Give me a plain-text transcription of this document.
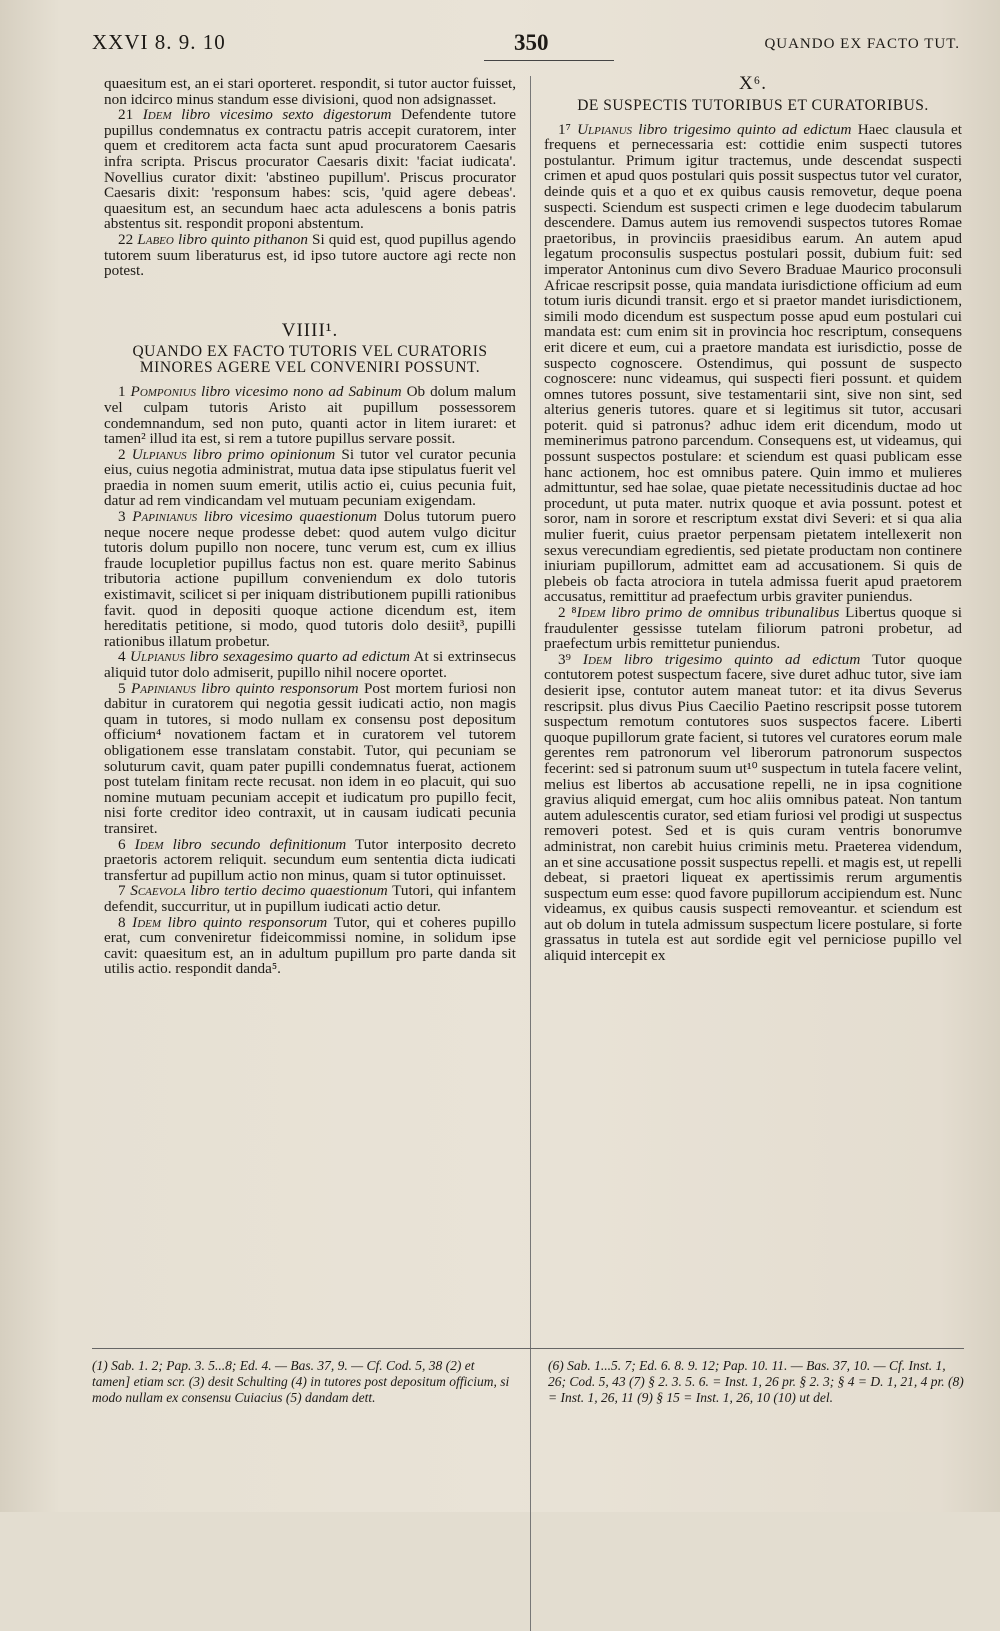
XXVI 8. 9. 10	350	QUANDO EX FACTO TUT.

quaesitum est, an ei stari oporteret. respondit, si tutor auctor fuisset, non idcirco minus standum esse divisioni, quod non adsignasset.

21 Idem libro vicesimo sexto digestorum Defendente tutore pupillus condemnatus ex contractu patris accepit curatorem, inter quem et creditorem acta facta sunt apud procuratorem Caesaris infra scripta. Priscus procurator Caesaris dixit: 'faciat iudicata'. Novellius curator dixit: 'abstineo pupillum'. Priscus procurator Caesaris dixit: 'responsum habes: scis, 'quid agere debeas'. quaesitum est, an secundum haec acta adulescens a bonis patris abstentus sit. respondit proponi abstentum.

22 Labeo libro quinto pithanon Si quid est, quod pupillus agendo tutorem suum liberaturus est, id ipso tutore auctore agi recte non potest.

VIIII¹.
QUANDO EX FACTO TUTORIS VEL CURATORIS MINORES AGERE VEL CONVENIRI POSSUNT.

1 Pomponius libro vicesimo nono ad Sabinum Ob dolum malum vel culpam tutoris Aristo ait pupillum possessorem condemnandum, sed non puto, quanti actor in litem iuraret: et tamen² illud ita est, si rem a tutore pupillus servare possit.

2 Ulpianus libro primo opinionum Si tutor vel curator pecunia eius, cuius negotia administrat, mutua data ipse stipulatus fuerit vel praedia in nomen suum emerit, utilis actio ei, cuius pecunia fuit, datur ad rem vindicandam vel mutuam pecuniam exigendam.

3 Papinianus libro vicesimo quaestionum Dolus tutorum puero neque nocere neque prodesse debet: quod autem vulgo dicitur tutoris dolum pupillo non nocere, tunc verum est, cum ex illius fraude locupletior pupillus factus non est. quare merito Sabinus tributoria actione pupillum conveniendum ex dolo tutoris existimavit, scilicet si per iniquam distributionem pupilli rationibus favit. quod in depositi quoque actione dicendum est, item hereditatis petitione, si modo, quod tutoris dolo desiit³, pupilli rationibus illatum probetur.

4 Ulpianus libro sexagesimo quarto ad edictum At si extrinsecus aliquid tutor dolo admiserit, pupillo nihil nocere oportet.

5 Papinianus libro quinto responsorum Post mortem furiosi non dabitur in curatorem qui negotia gessit iudicati actio, non magis quam in tutores, si modo nullam ex consensu post depositum officium⁴ novationem factam et in curatorem vel tutorem obligationem esse translatam constabit. Tutor, qui pecuniam se soluturum cavit, quam pater pupilli condemnatus fuerat, actionem post tutelam finitam recte recusat. non idem in eo placuit, qui suo nomine mutuam pecuniam accepit et iudicatum pro pupillo fecit, nisi forte creditor ideo contraxit, ut in causam iudicati pecunia transiret.

6 Idem libro secundo definitionum Tutor interposito decreto praetoris actorem reliquit. secundum eum sententia dicta iudicati transfertur ad pupillum actio non minus, quam si tutor optinuisset.

7 Scaevola libro tertio decimo quaestionum Tutori, qui infantem defendit, succurritur, ut in pupillum iudicati actio detur.

8 Idem libro quinto responsorum Tutor, qui et coheres pupillo erat, cum conveniretur fideicommissi nomine, in solidum ipse cavit: quaesitum est, an in adultum pupillum pro parte danda sit utilis actio. respondit danda⁵.

X⁶.
DE SUSPECTIS TUTORIBUS ET CURATORIBUS.

1⁷ Ulpianus libro trigesimo quinto ad edictum Haec clausula et frequens et pernecessaria est: cottidie enim suspecti tutores postulantur. Primum igitur tractemus, unde descendat suspecti crimen et apud quos postulari quis possit suspectus tutor vel curator, deinde quis et a quo et ex quibus causis removetur, deque poena suspecti. Sciendum est suspecti crimen e lege duodecim tabularum descendere. Damus autem ius removendi suspectos tutores Romae praetoribus, in provinciis praesidibus earum. An autem apud legatum proconsulis suspectus postulari possit, dubium fuit: sed imperator Antoninus cum divo Severo Braduae Maurico proconsuli Africae rescripsit posse, quia mandata iurisdictione officium ad eum totum iuris dicundi transit. ergo et si praetor mandet iurisdictionem, simili modo dicendum est suspectum posse apud eum postulari cui mandata est: cum enim sit in provincia hoc rescriptum, consequens erit dicere et eum, cui a praetore mandata est iurisdictio, posse de suspecto cognoscere. Ostendimus, qui possunt de suspecto cognoscere: nunc videamus, qui suspecti fieri possunt. et quidem omnes tutores possunt, sive testamentarii sint, sive non sint, sed alterius generis tutores. quare et si legitimus sit tutor, accusari poterit. quid si patronus? adhuc idem erit dicendum, modo ut meminerimus patrono parcendum. Consequens est, ut videamus, qui possunt suspectos postulare: et sciendum est quasi publicam esse hanc actionem, hoc est omnibus patere. Quin immo et mulieres admittuntur, sed hae solae, quae pietate necessitudinis ductae ad hoc procedunt, ut puta mater. nutrix quoque et avia possunt. potest et soror, nam in sorore et rescriptum exstat divi Severi: et si qua alia mulier fuerit, cuius praetor perpensam pietatem intellexerit non sexus verecundiam egredientis, sed pietate productam non continere iniuriam pupillorum, admittet eam ad accusationem. Si quis de plebeis ob facta atrociora in tutela admissa fuerit apud praetorem accusatus, remittitur ad praefectum urbis graviter puniendus.

2 ⁸Idem libro primo de omnibus tribunalibus Libertus quoque si fraudulenter gessisse tutelam filiorum patroni probetur, ad praefectum urbis remittetur puniendus.

3⁹ Idem libro trigesimo quinto ad edictum Tutor quoque contutorem potest suspectum facere, sive duret adhuc tutor, sive iam desierit ipse, contutor autem maneat tutor: et ita divus Severus rescripsit. plus divus Pius Caecilio Paetino rescripsit posse tutorem suspectum remotum contutores suos suspectos facere. Liberti quoque pupillorum grate facient, si tutores vel curatores eorum male gerentes rem patronorum vel liberorum patronorum suspectos fecerint: sed si patronum suum ut¹⁰ suspectum in tutela facere velint, melius est libertos ab accusatione repelli, ne in ipsa cognitione gravius aliquid emergat, cum hoc aliis omnibus pateat. Non tantum autem adulescentis curator, sed etiam furiosi vel prodigi ut suspectus removeri potest. Sed et is quis curam ventris bonorumve administrat, non carebit huius criminis metu. Praeterea videndum, an et sine accusatione possit suspectus repelli. et magis est, ut repelli debeat, si praetori liqueat ex apertissimis rerum argumentis suspectum eum esse: quod favore pupillorum accipiendum est. Nunc videamus, ex quibus causis suspecti removeantur. et sciendum est aut ob dolum in tutela admissum suspectum licere postulare, si forte grassatus in tutela est aut sordide egit vel perniciose pupillo vel aliquid intercepit ex

(1) Sab. 1. 2; Pap. 3. 5...8; Ed. 4. — Bas. 37, 9. — Cf. Cod. 5, 38 (2) et tamen] etiam scr. (3) desit Schulting (4) in tutores post depositum officium, si modo nullam ex consensu Cuiacius (5) dandam dett.

(6) Sab. 1...5. 7; Ed. 6. 8. 9. 12; Pap. 10. 11. — Bas. 37, 10. — Cf. Inst. 1, 26; Cod. 5, 43 (7) § 2. 3. 5. 6. = Inst. 1, 26 pr. § 2. 3; § 4 = D. 1, 21, 4 pr. (8) = Inst. 1, 26, 11 (9) § 15 = Inst. 1, 26, 10 (10) ut del.
